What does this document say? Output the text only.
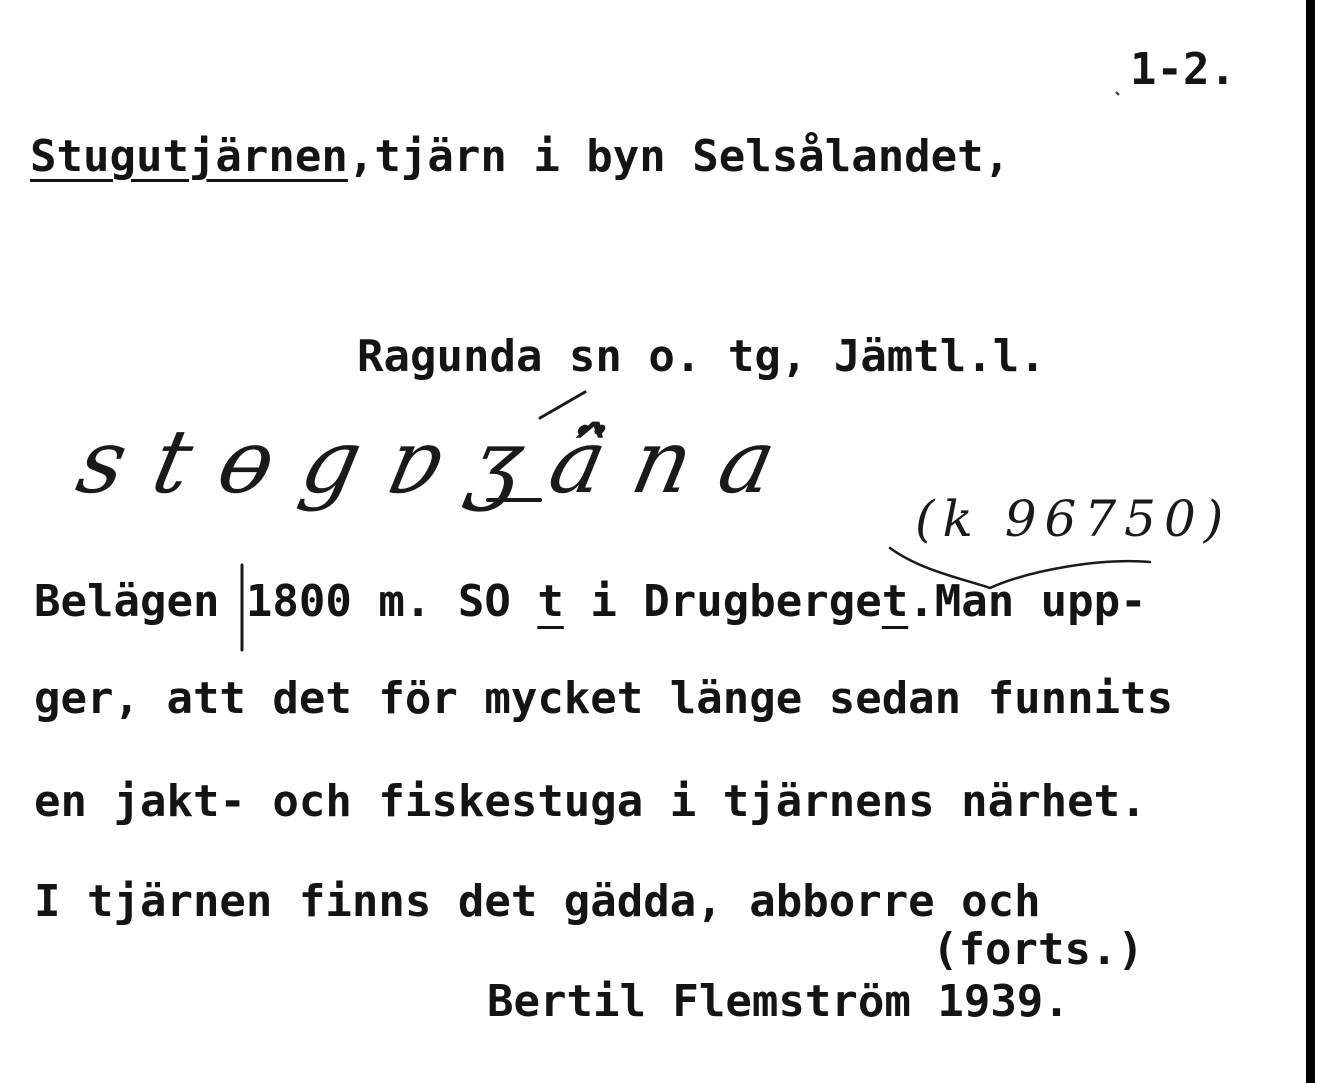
1-2.
Stugutjärnen,tjärn i byn Selsålandet,
Ragunda sn o. tg, Jämtl.l.
stɵgɐʒä̂na
(k 96750)
Belägen 1800 m. SO t i Drugberget.Man upp-
ger, att det för mycket länge sedan funnits
en jakt- och fiskestuga i tjärnens närhet.
I tjärnen finns det gädda, abborre och
(forts.)
Bertil Flemström 1939.
